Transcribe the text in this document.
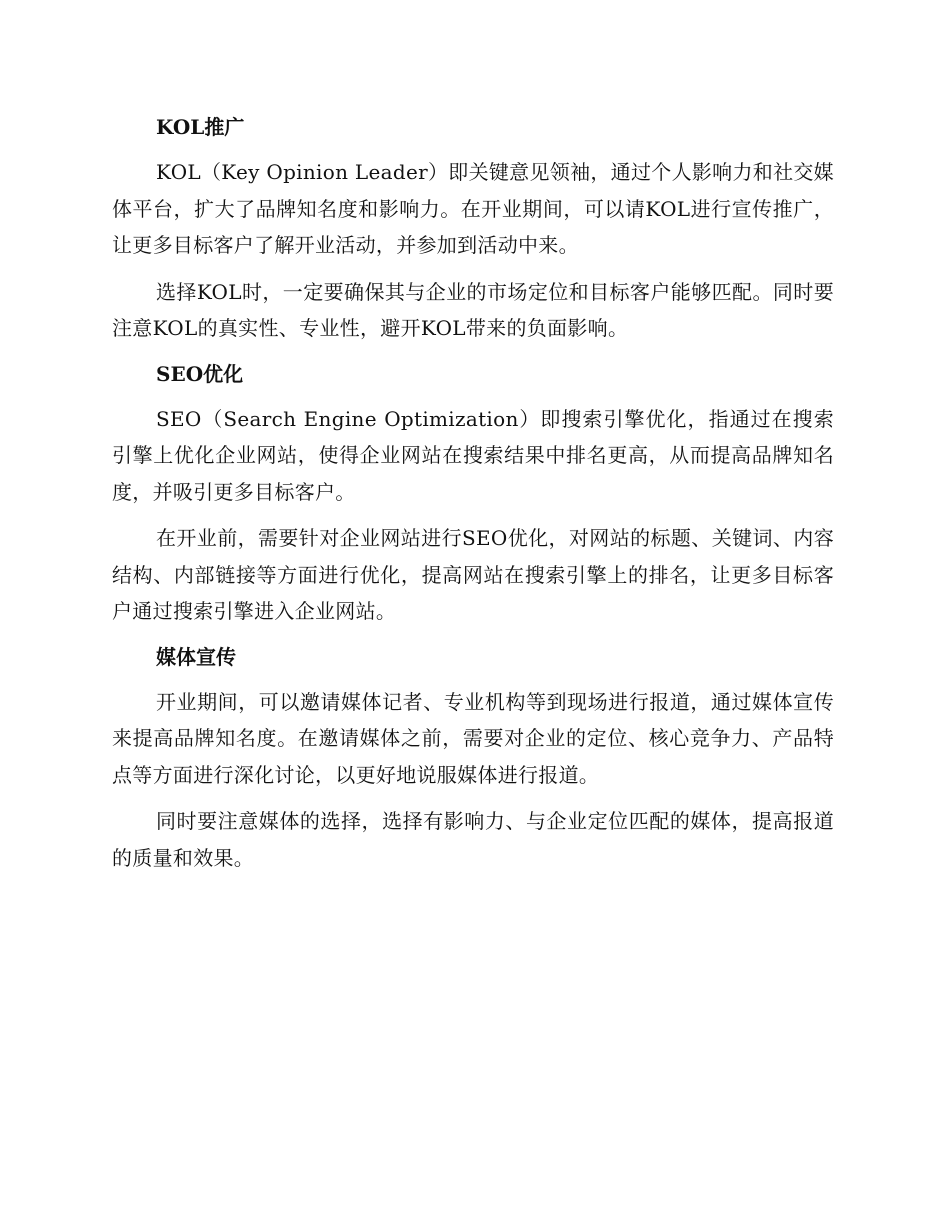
KOL推广

KOL（Key Opinion Leader）即关键意见领袖，通过个人影响力和社交媒体平台，扩大了品牌知名度和影响力。在开业期间，可以请KOL进行宣传推广，让更多目标客户了解开业活动，并参加到活动中来。

选择KOL时，一定要确保其与企业的市场定位和目标客户能够匹配。同时要注意KOL的真实性、专业性，避开KOL带来的负面影响。

SEO优化

SEO（Search Engine Optimization）即搜索引擎优化，指通过在搜索引擎上优化企业网站，使得企业网站在搜索结果中排名更高，从而提高品牌知名度，并吸引更多目标客户。

在开业前，需要针对企业网站进行SEO优化，对网站的标题、关键词、内容结构、内部链接等方面进行优化，提高网站在搜索引擎上的排名，让更多目标客户通过搜索引擎进入企业网站。

媒体宣传

开业期间，可以邀请媒体记者、专业机构等到现场进行报道，通过媒体宣传来提高品牌知名度。在邀请媒体之前，需要对企业的定位、核心竞争力、产品特点等方面进行深化讨论，以更好地说服媒体进行报道。

同时要注意媒体的选择，选择有影响力、与企业定位匹配的媒体，提高报道的质量和效果。
